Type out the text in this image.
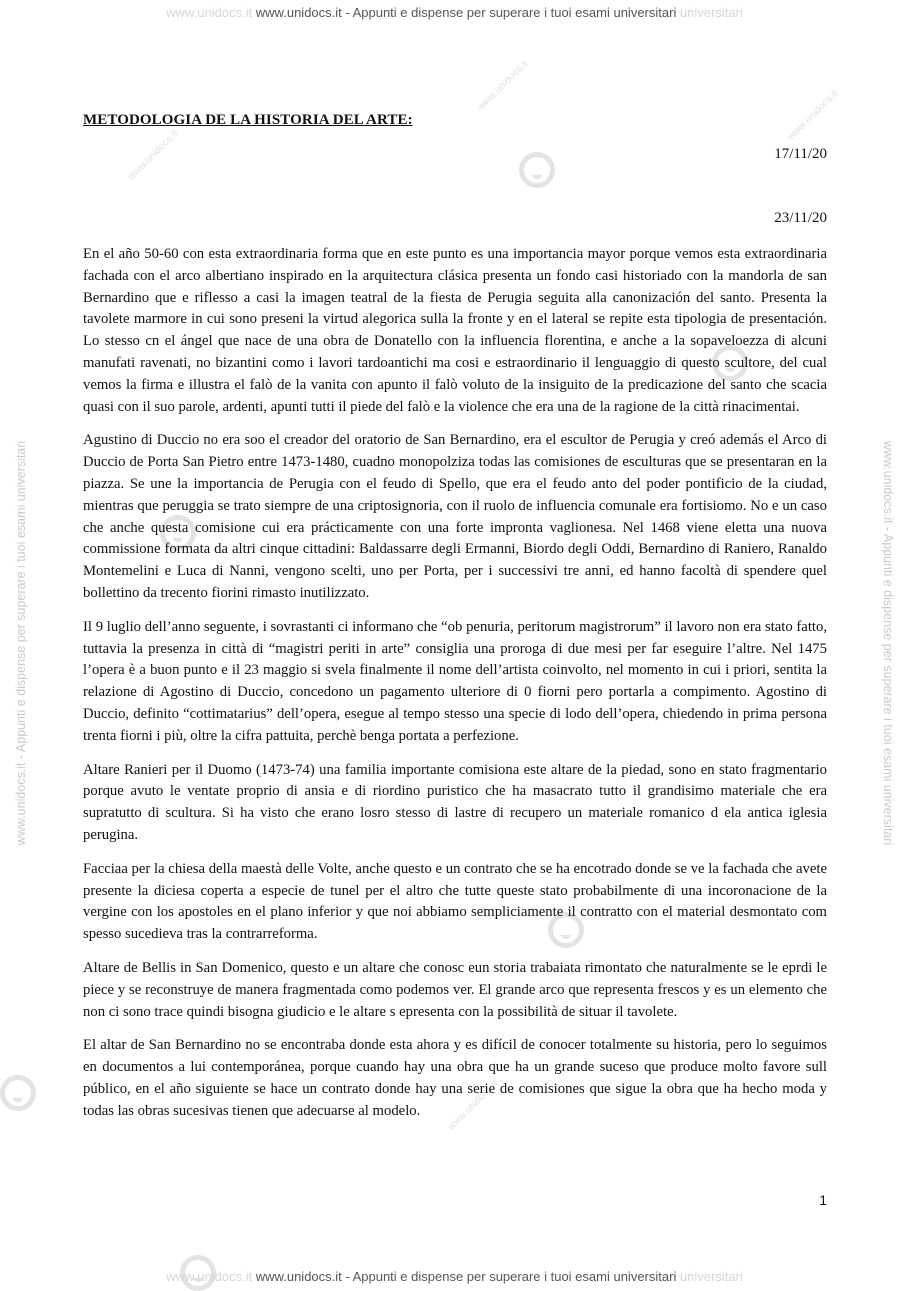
www.unidocs.it www.unidocs.it - Appunti e dispense per superare i tuoi esami universitari universitari
www.unidocs.it - Appunti e dispense per superare i tuoi esami universitari	www.unidocs.it - Appunti e dispense per superare i tuoi esami universitari
www.unidocs.it
www.unidocs.it
www.unidocs.it
www.unidocs.it
METODOLOGIA DE LA HISTORIA DEL ARTE:
17/11/20
23/11/20

En el año 50-60 con esta extraordinaria forma que en este punto es una importancia mayor porque vemos esta extraordinaria fachada con el arco albertiano inspirado en la arquitectura clásica presenta un fondo casi historiado con la mandorla de san Bernardino que e riflesso a casi la imagen teatral de la fiesta de Perugia seguita alla canonización del santo. Presenta la tavolete marmore in cui sono preseni la virtud alegorica sulla la fronte y en el lateral se repite esta tipologia de presentación. Lo stesso cn el ángel que nace de una obra de Donatello con la influencia florentina, e anche a la sopaveloezza di alcuni manufati ravenati, no bizantini como i lavori tardoantichi ma cosi e estraordinario il lenguaggio di questo scultore, del cual vemos la firma e illustra el falò de la vanita con apunto il falò voluto de la insiguito de la predicazione del santo che scacia quasi con il suo parole, ardenti, apunti tutti il piede del falò e la violence che era una de la ragione de la città rinacimentai.

Agustino di Duccio no era soo el creador del oratorio de San Bernardino, era el escultor de Perugia y creó además el Arco di Duccio de Porta San Pietro entre 1473-1480, cuadno monopolziza todas las comisiones de esculturas que se presentaran en la piazza. Se une la importancia de Perugia con el feudo di Spello, que era el feudo anto del poder pontificio de la ciudad, mientras que peruggia se trato siempre de una criptosignoria, con il ruolo de influencia comunale era fortisiomo. No e un caso che anche questa comisione cui era prácticamente con una forte impronta vaglionesa. Nel 1468 viene eletta una nuova commissione formata da altri cinque cittadini: Baldassarre degli Ermanni, Biordo degli Oddi, Bernardino di Raniero, Ranaldo Montemelini e Luca di Nanni, vengono scelti, uno per Porta, per i successivi tre anni, ed hanno facoltà di spendere quel bollettino da trecento fiorini rimasto inutilizzato.

Il 9 luglio dell’anno seguente, i sovrastanti ci informano che “ob penuria, peritorum magistrorum” il lavoro non era stato fatto, tuttavia la presenza in città di “magistri periti in arte” consiglia una proroga di due mesi per far eseguire l’altre. Nel 1475 l’opera è a buon punto e il 23 maggio si svela finalmente il nome dell’artista coinvolto, nel momento in cui i priori, sentita la relazione di Agostino di Duccio, concedono un pagamento ulteriore di 0 fiorni pero portarla a compimento. Agostino di Duccio, definito “cottimatarius” dell’opera, esegue al tempo stesso una specie di lodo dell’opera, chiedendo in prima persona trenta fiorni i più, oltre la cifra pattuita, perchè benga portata a perfezione.

Altare Ranieri per il Duomo (1473-74) una familia importante comisiona este altare de la piedad, sono en stato fragmentario porque avuto le ventate proprio di ansia e di riordino puristico che ha masacrato tutto il grandisimo materiale che era supratutto di scultura. Si ha visto che erano losro stesso di lastre di recupero un materiale romanico d ela antica iglesia perugina.

Facciaa per la chiesa della maestà delle Volte, anche questo e un contrato che se ha encotrado donde se ve la fachada che avete presente la diciesa coperta a especie de tunel per el altro che tutte queste stato probabilmente di una incoronacione de la vergine con los apostoles en el plano inferior y que noi abbiamo sempliciamente il contratto con el material desmontato com spesso sucedieva tras la contrarreforma.

Altare de Bellis in San Domenico, questo e un altare che conosc eun storia trabaiata rimontato che naturalmente se le eprdi le piece y se reconstruye de manera fragmentada como podemos ver. El grande arco que representa frescos y es un elemento che non ci sono trace quindi bisogna giudicio e le altare s epresenta con la possibilità de situar il tavolete.

El altar de San Bernardino no se encontraba donde esta ahora y es difícil de conocer totalmente su historia, pero lo seguimos en documentos a lui contemporánea, porque cuando hay una obra que ha un grande suceso que produce molto favore sull público, en el año siguiente se hace un contrato donde hay una serie de comisiones que sigue la obra que ha hecho moda y todas las obras sucesivas tienen que adecuarse al modelo.

1
www.unidocs.it www.unidocs.it - Appunti e dispense per superare i tuoi esami universitari universitari
